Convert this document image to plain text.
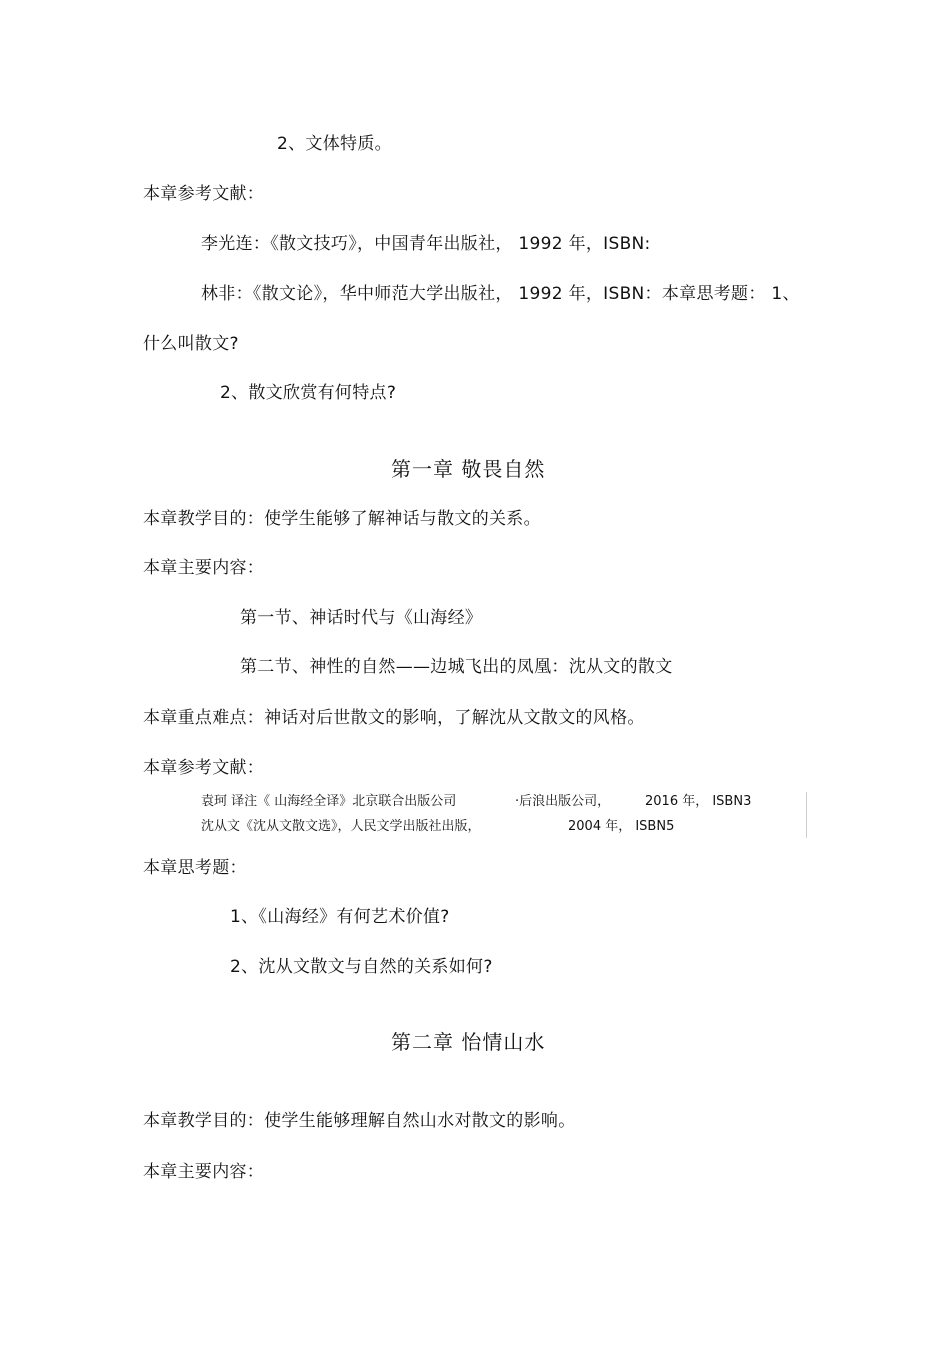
2、文体特质。
本章参考文献：
李光连：《散文技巧》，中国青年出版社， 1992 年，ISBN:
林非：《散文论》，华中师范大学出版社， 1992 年，ISBN：本章思考题： 1、
什么叫散文?
2、散文欣赏有何特点?
第一章 敬畏自然
本章教学目的：使学生能够了解神话与散文的关系。
本章主要内容：
第一节、神话时代与《山海经》
第二节、神性的自然——边城飞出的凤凰：沈从文的散文
本章重点难点：神话对后世散文的影响，了解沈从文散文的风格。
本章参考文献：
袁珂 译注《 山海经全译》北京联合出版公司	·后浪出版公司，	2016 年， ISBN3
沈从文《沈从文散文选》，人民文学出版社出版，	2004 年， ISBN5
本章思考题：
1、《山海经》有何艺术价值?
2、沈从文散文与自然的关系如何?
第二章 怡情山水
本章教学目的：使学生能够理解自然山水对散文的影响。
本章主要内容：
